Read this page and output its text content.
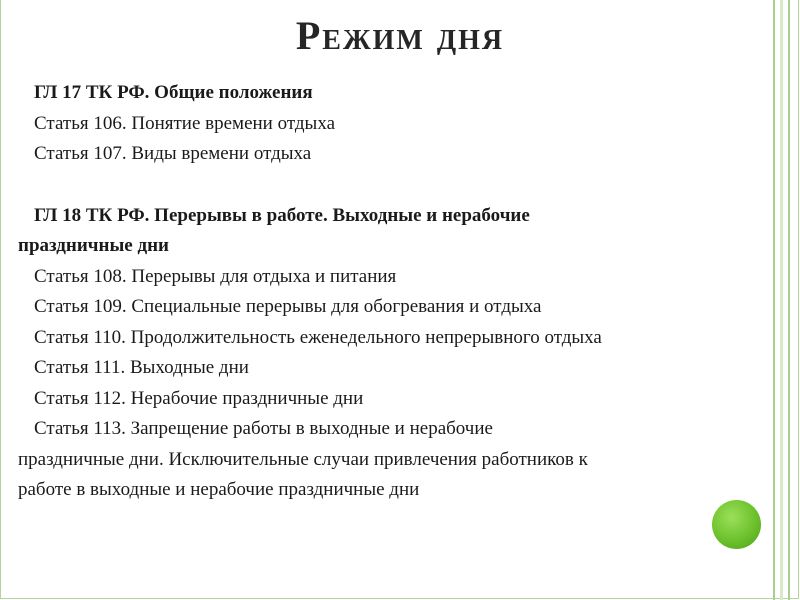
Режим дня
ГЛ 17 ТК РФ. Общие положения
Статья 106. Понятие времени отдыха
Статья 107. Виды времени отдыха
ГЛ 18 ТК РФ. Перерывы в работе. Выходные и нерабочие
праздничные дни
Статья 108. Перерывы для отдыха и питания
Статья 109. Специальные перерывы для обогревания и отдыха
Статья 110. Продолжительность еженедельного непрерывного отдыха
Статья 111. Выходные дни
Статья 112. Нерабочие праздничные дни
Статья 113. Запрещение работы в выходные и нерабочие
праздничные дни. Исключительные случаи привлечения работников к
работе в выходные и нерабочие праздничные дни
